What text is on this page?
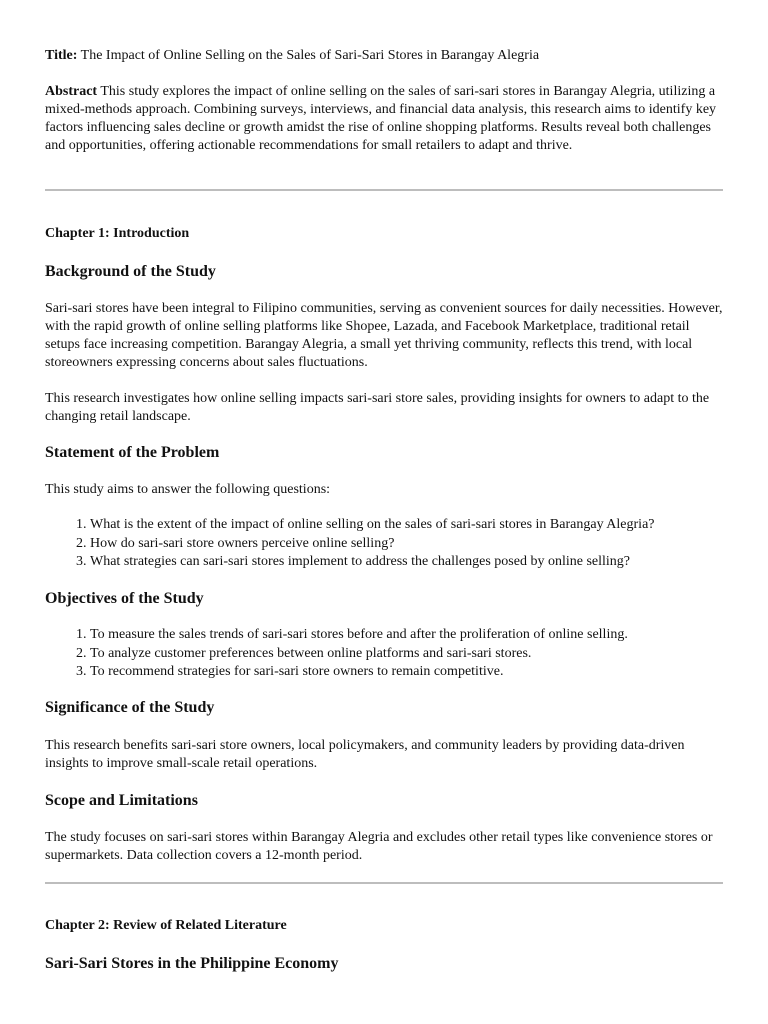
Title: The Impact of Online Selling on the Sales of Sari-Sari Stores in Barangay Alegria

Abstract This study explores the impact of online selling on the sales of sari-sari stores in Barangay Alegria, utilizing a mixed-methods approach. Combining surveys, interviews, and financial data analysis, this research aims to identify key factors influencing sales decline or growth amidst the rise of online shopping platforms. Results reveal both challenges and opportunities, offering actionable recommendations for small retailers to adapt and thrive.

Chapter 1: Introduction
Background of the Study

Sari-sari stores have been integral to Filipino communities, serving as convenient sources for daily necessities. However, with the rapid growth of online selling platforms like Shopee, Lazada, and Facebook Marketplace, traditional retail setups face increasing competition. Barangay Alegria, a small yet thriving community, reflects this trend, with local storeowners expressing concerns about sales fluctuations.

This research investigates how online selling impacts sari-sari store sales, providing insights for owners to adapt to the changing retail landscape.

Statement of the Problem

This study aims to answer the following questions:

1. What is the extent of the impact of online selling on the sales of sari-sari stores in Barangay Alegria?
2. How do sari-sari store owners perceive online selling?
3. What strategies can sari-sari stores implement to address the challenges posed by online selling?
Objectives of the Study
1. To measure the sales trends of sari-sari stores before and after the proliferation of online selling.
2. To analyze customer preferences between online platforms and sari-sari stores.
3. To recommend strategies for sari-sari store owners to remain competitive.
Significance of the Study

This research benefits sari-sari store owners, local policymakers, and community leaders by providing data-driven insights to improve small-scale retail operations.

Scope and Limitations

The study focuses on sari-sari stores within Barangay Alegria and excludes other retail types like convenience stores or supermarkets. Data collection covers a 12-month period.

Chapter 2: Review of Related Literature
Sari-Sari Stores in the Philippine Economy
